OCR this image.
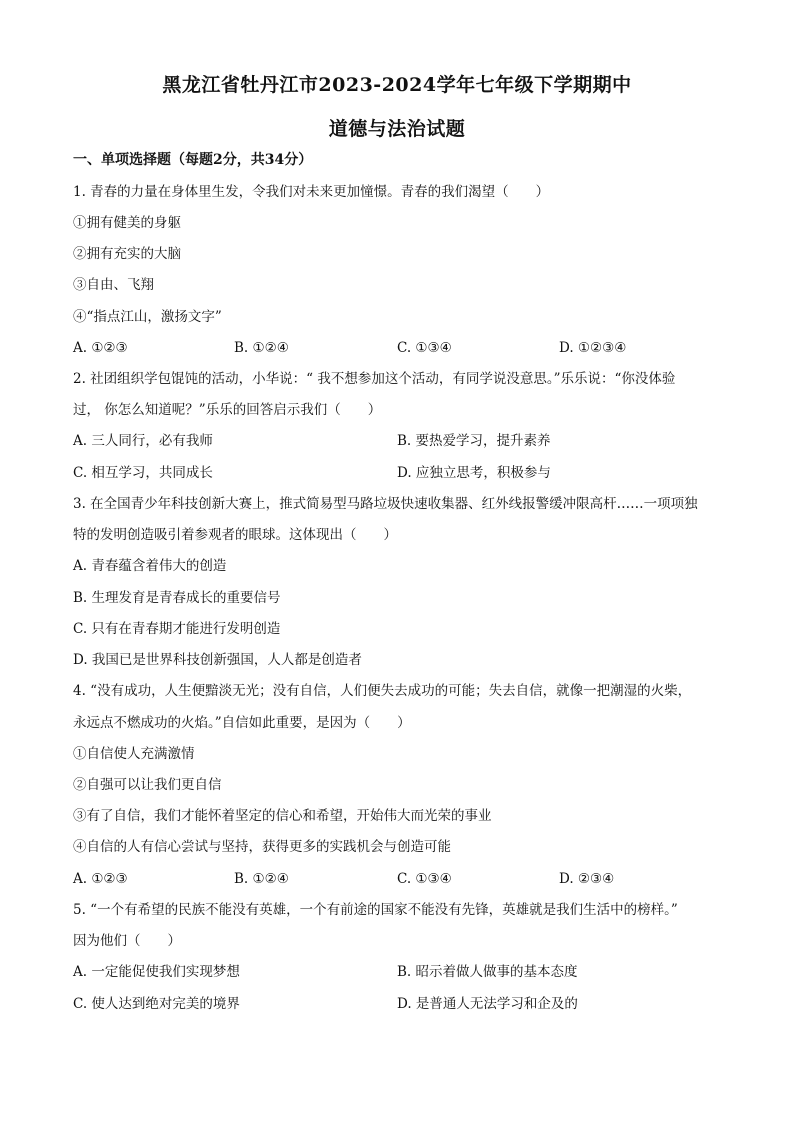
黑龙江省牡丹江市2023-2024学年七年级下学期期中
道德与法治试题
一、单项选择题（每题2分，共34分）
1. 青春的力量在身体里生发，令我们对未来更加憧憬。青春的我们渴望（　　）
①拥有健美的身躯
②拥有充实的大脑
③自由、飞翔
④“指点江山，激扬文字”
A. ①②③	B. ①②④	C. ①③④	D. ①②③④
2. 社团组织学包馄饨的活动，小华说：“ 我不想参加这个活动，有同学说没意思。”乐乐说：“你没体验
过， 你怎么知道呢？”乐乐的回答启示我们（　　）
A. 三人同行，必有我师	B. 要热爱学习，提升素养
C. 相互学习，共同成长	D. 应独立思考，积极参与
3. 在全国青少年科技创新大赛上，推式简易型马路垃圾快速收集器、红外线报警缓冲限高杆……一项项独
特的发明创造吸引着参观者的眼球。这体现出（　　）
A. 青春蕴含着伟大的创造
B. 生理发育是青春成长的重要信号
C. 只有在青春期才能进行发明创造
D. 我国已是世界科技创新强国，人人都是创造者
4. “没有成功，人生便黯淡无光；没有自信，人们便失去成功的可能；失去自信，就像一把潮湿的火柴，
永远点不燃成功的火焰。”自信如此重要，是因为（　　）
①自信使人充满激情
②自强可以让我们更自信
③有了自信，我们才能怀着坚定的信心和希望，开始伟大而光荣的事业
④自信的人有信心尝试与坚持，获得更多的实践机会与创造可能
A. ①②③	B. ①②④	C. ①③④	D. ②③④
5. “一个有希望的民族不能没有英雄，一个有前途的国家不能没有先锋，英雄就是我们生活中的榜样。”
因为他们（　　）
A. 一定能促使我们实现梦想	B. 昭示着做人做事的基本态度
C. 使人达到绝对完美的境界	D. 是普通人无法学习和企及的
